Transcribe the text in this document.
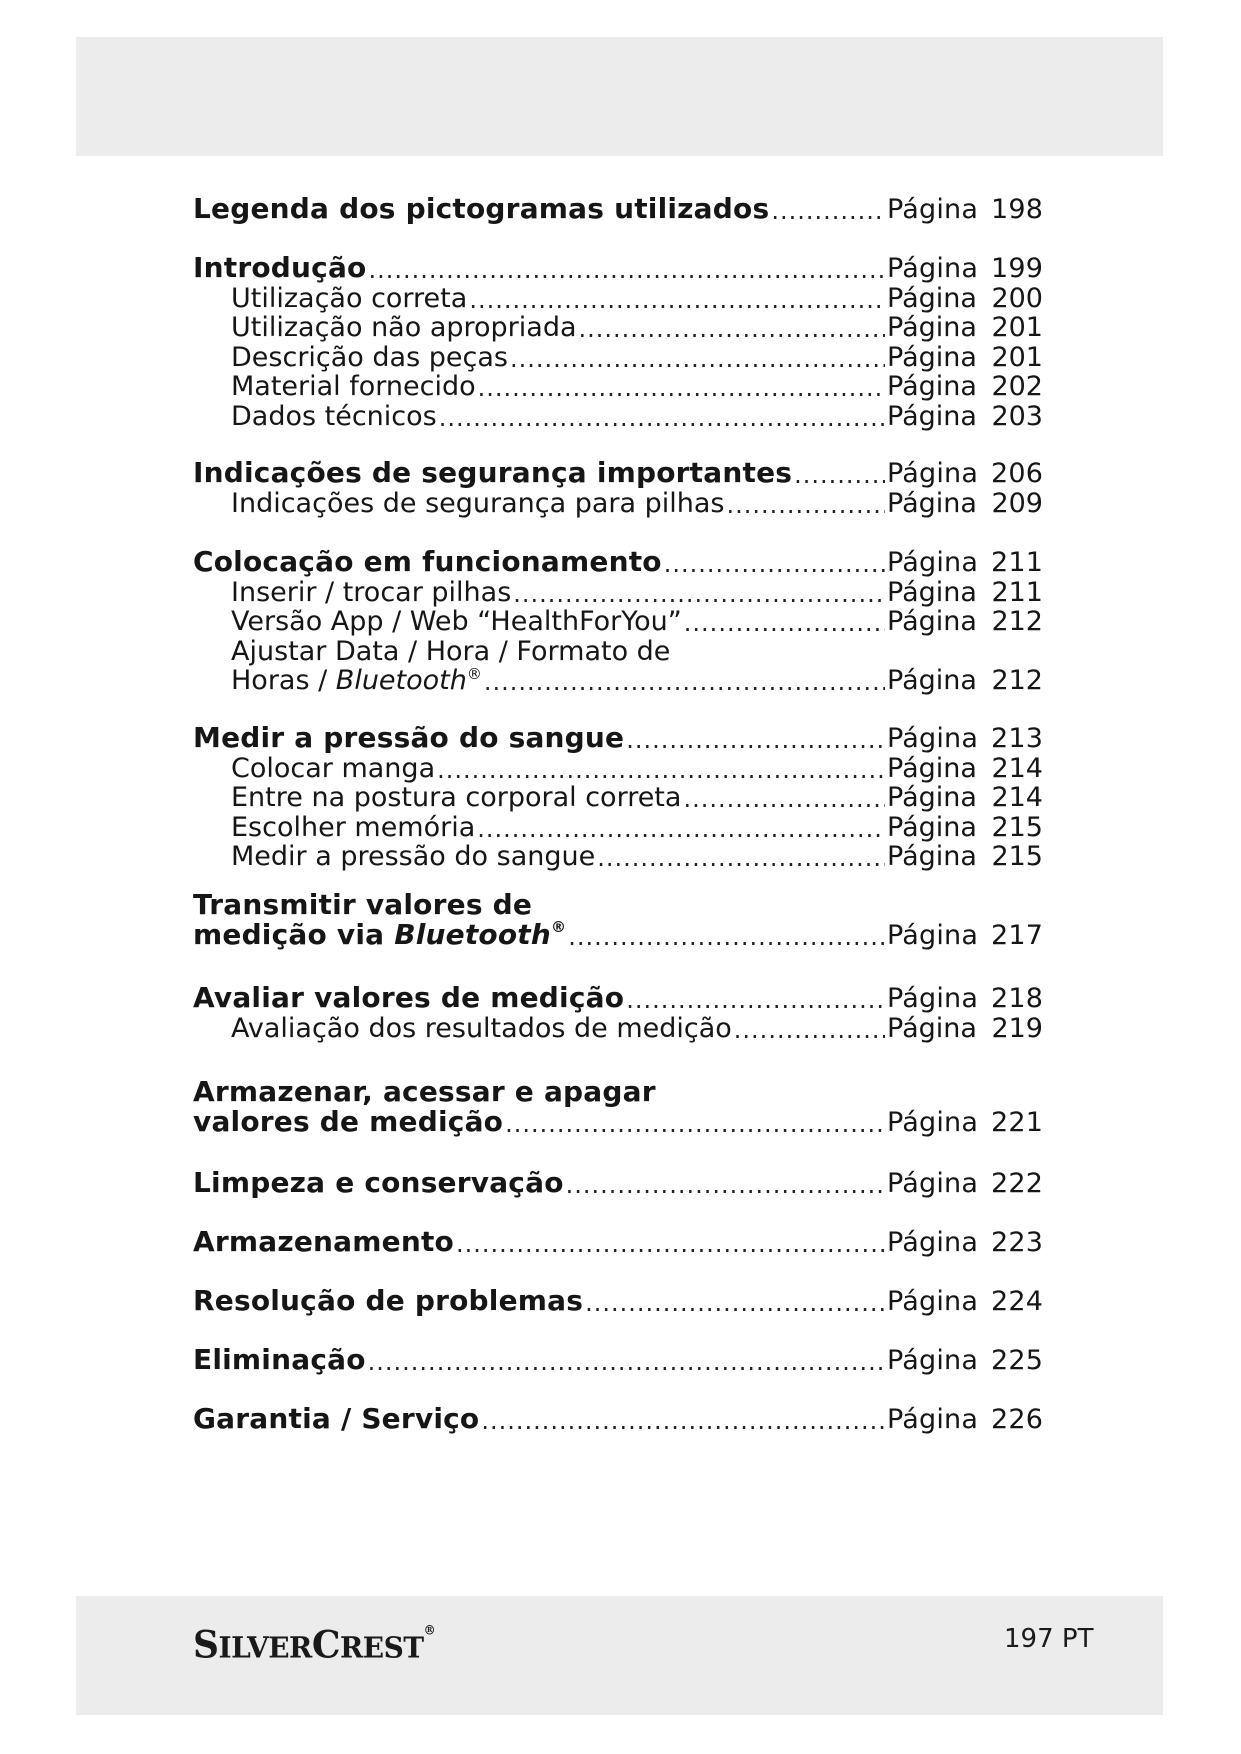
Legenda dos pictogramas utilizados .....	Página 198
Introdução .....	Página 199
Utilização correta .....	Página 200
Utilização não apropriada .....	Página 201
Descrição das peças .....	Página 201
Material fornecido .....	Página 202
Dados técnicos .....	Página 203
Indicações de segurança importantes .....	Página 206
Indicações de segurança para pilhas .....	Página 209
Colocação em funcionamento .....	Página 211
Inserir / trocar pilhas .....	Página 211
Versão App / Web “HealthForYou” .....	Página 212
Ajustar Data / Hora / Formato de
Horas / Bluetooth® .....	Página 212
Medir a pressão do sangue .....	Página 213
Colocar manga .....	Página 214
Entre na postura corporal correta .....	Página 214
Escolher memória .....	Página 215
Medir a pressão do sangue .....	Página 215
Transmitir valores de
medição via Bluetooth® .....	Página 217
Avaliar valores de medição .....	Página 218
Avaliação dos resultados de medição .....	Página 219
Armazenar, acessar e apagar
valores de medição .....	Página 221
Limpeza e conservação .....	Página 222
Armazenamento .....	Página 223
Resolução de problemas .....	Página 224
Eliminação .....	Página 225
Garantia / Serviço .....	Página 226
SILVERCREST®	197 PT
